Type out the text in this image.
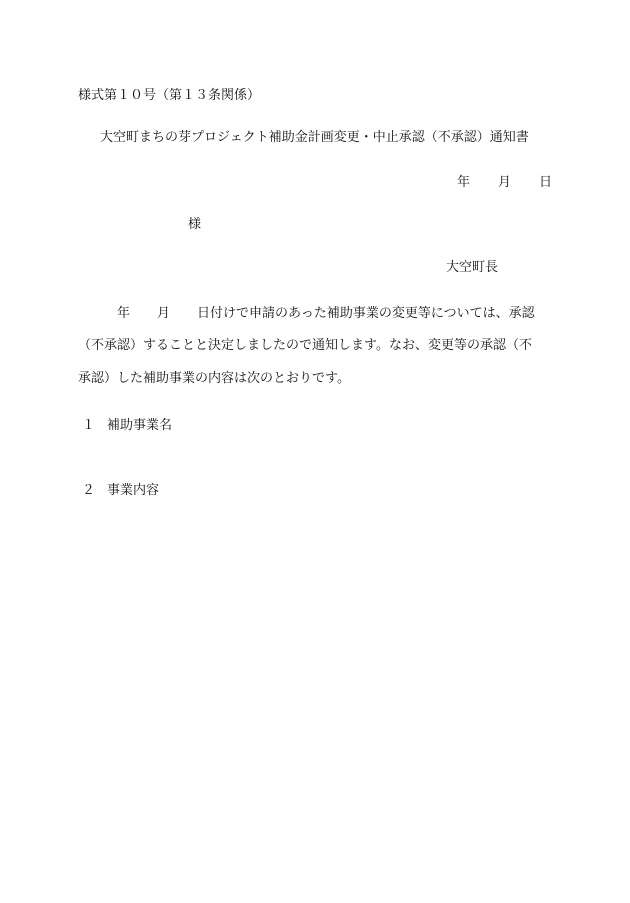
様式第１０号（第１３条関係）
大空町まちの芽プロジェクト補助金計画変更・中止承認（不承認）通知書
年 月 日
様
大空町長
年 月 日付けで申請のあった補助事業の変更等については、承認
（不承認）することと決定しましたので通知します。なお、変更等の承認（不
承認）した補助事業の内容は次のとおりです。
１ 補助事業名
２ 事業内容
